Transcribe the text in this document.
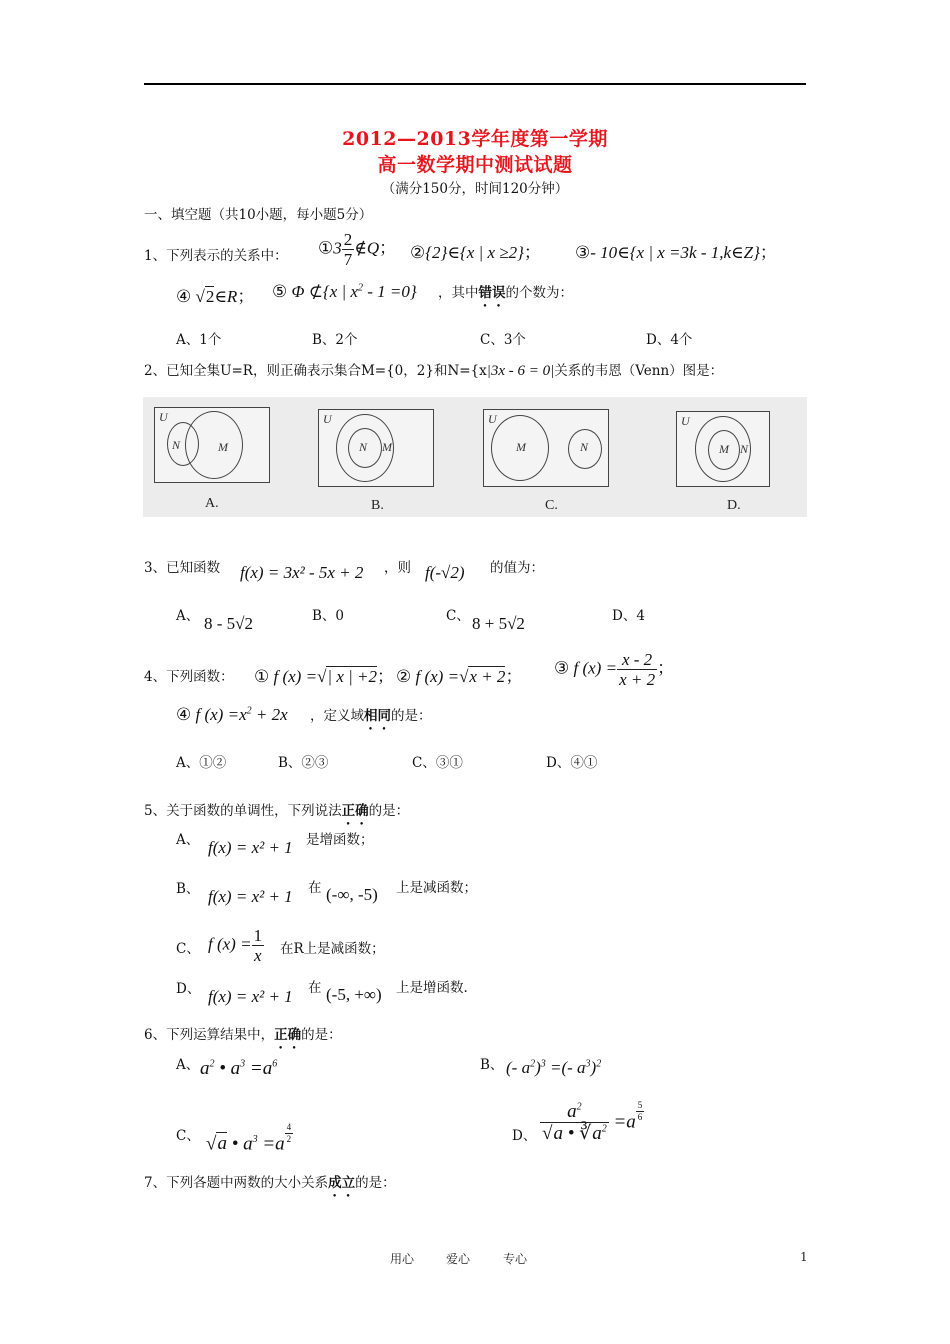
2012—2013学年度第一学期
高一数学期中测试试题
（满分150分，时间120分钟）
一、填空题（共10小题，每小题5分）
1、下列表示的关系中： ①3 $\frac{2}{7}$ ∉Q； ②{2}∈{x | x ≥2}； ③- 10∈{x | x =3k - 1,k∈Z}；
④ √2∈R； ⑤ Φ ⊄{x | $x^2 - 1 =0$} ，其中错误的个数为：
A、1个	B、2个	C、3个	D、4个
2、已知全集U=R，则正确表示集合M={0，2}和N={x|3x - 6 = 0|关系的韦恩（Venn）图是：
U
N	M
A.
U
N M
B.
U
M	N
C.
U
M N
D.
3、已知函数 f(x) = 3x² - 5x + 2 ，则 f(-√2) 的值为：
A、 8 - 5√2	B、0	C、 8 + 5√2	D、4
4、下列函数： ① f (x) =√| x | +2； ② f (x) =√x + 2； ③ f $(x) = \frac{x - 2}{x + 2}$ ；
④ f $(x) =x^2 + 2x$ ，定义域相同的是：
A、①②	B、②③	C、③①	D、④①
5、关于函数的单调性，下列说法正确的是：
A、 f(x) = x² + 1 是增函数；
B、 f(x) = x² + 1 在 (-∞, -5) 上是减函数；
C、 f $(x) = \frac{1}{x}$ 在R上是减函数；
D、 f(x) = x² + 1 在 (-5, +∞) 上是增函数.
6、下列运算结果中，正确的是：
A、 $a^2$ • $a^3 =a^6$	B、 (- $a^2)^3$ =(- $a^3)^2$
C、 √a • $a^3 =a \frac{4}{2}$	D、 $\frac{a^2}{√a • ∛a^2} =a \frac{5}{6}$
7、下列各题中两数的大小关系成立的是：
用心	爱心	专心	1
